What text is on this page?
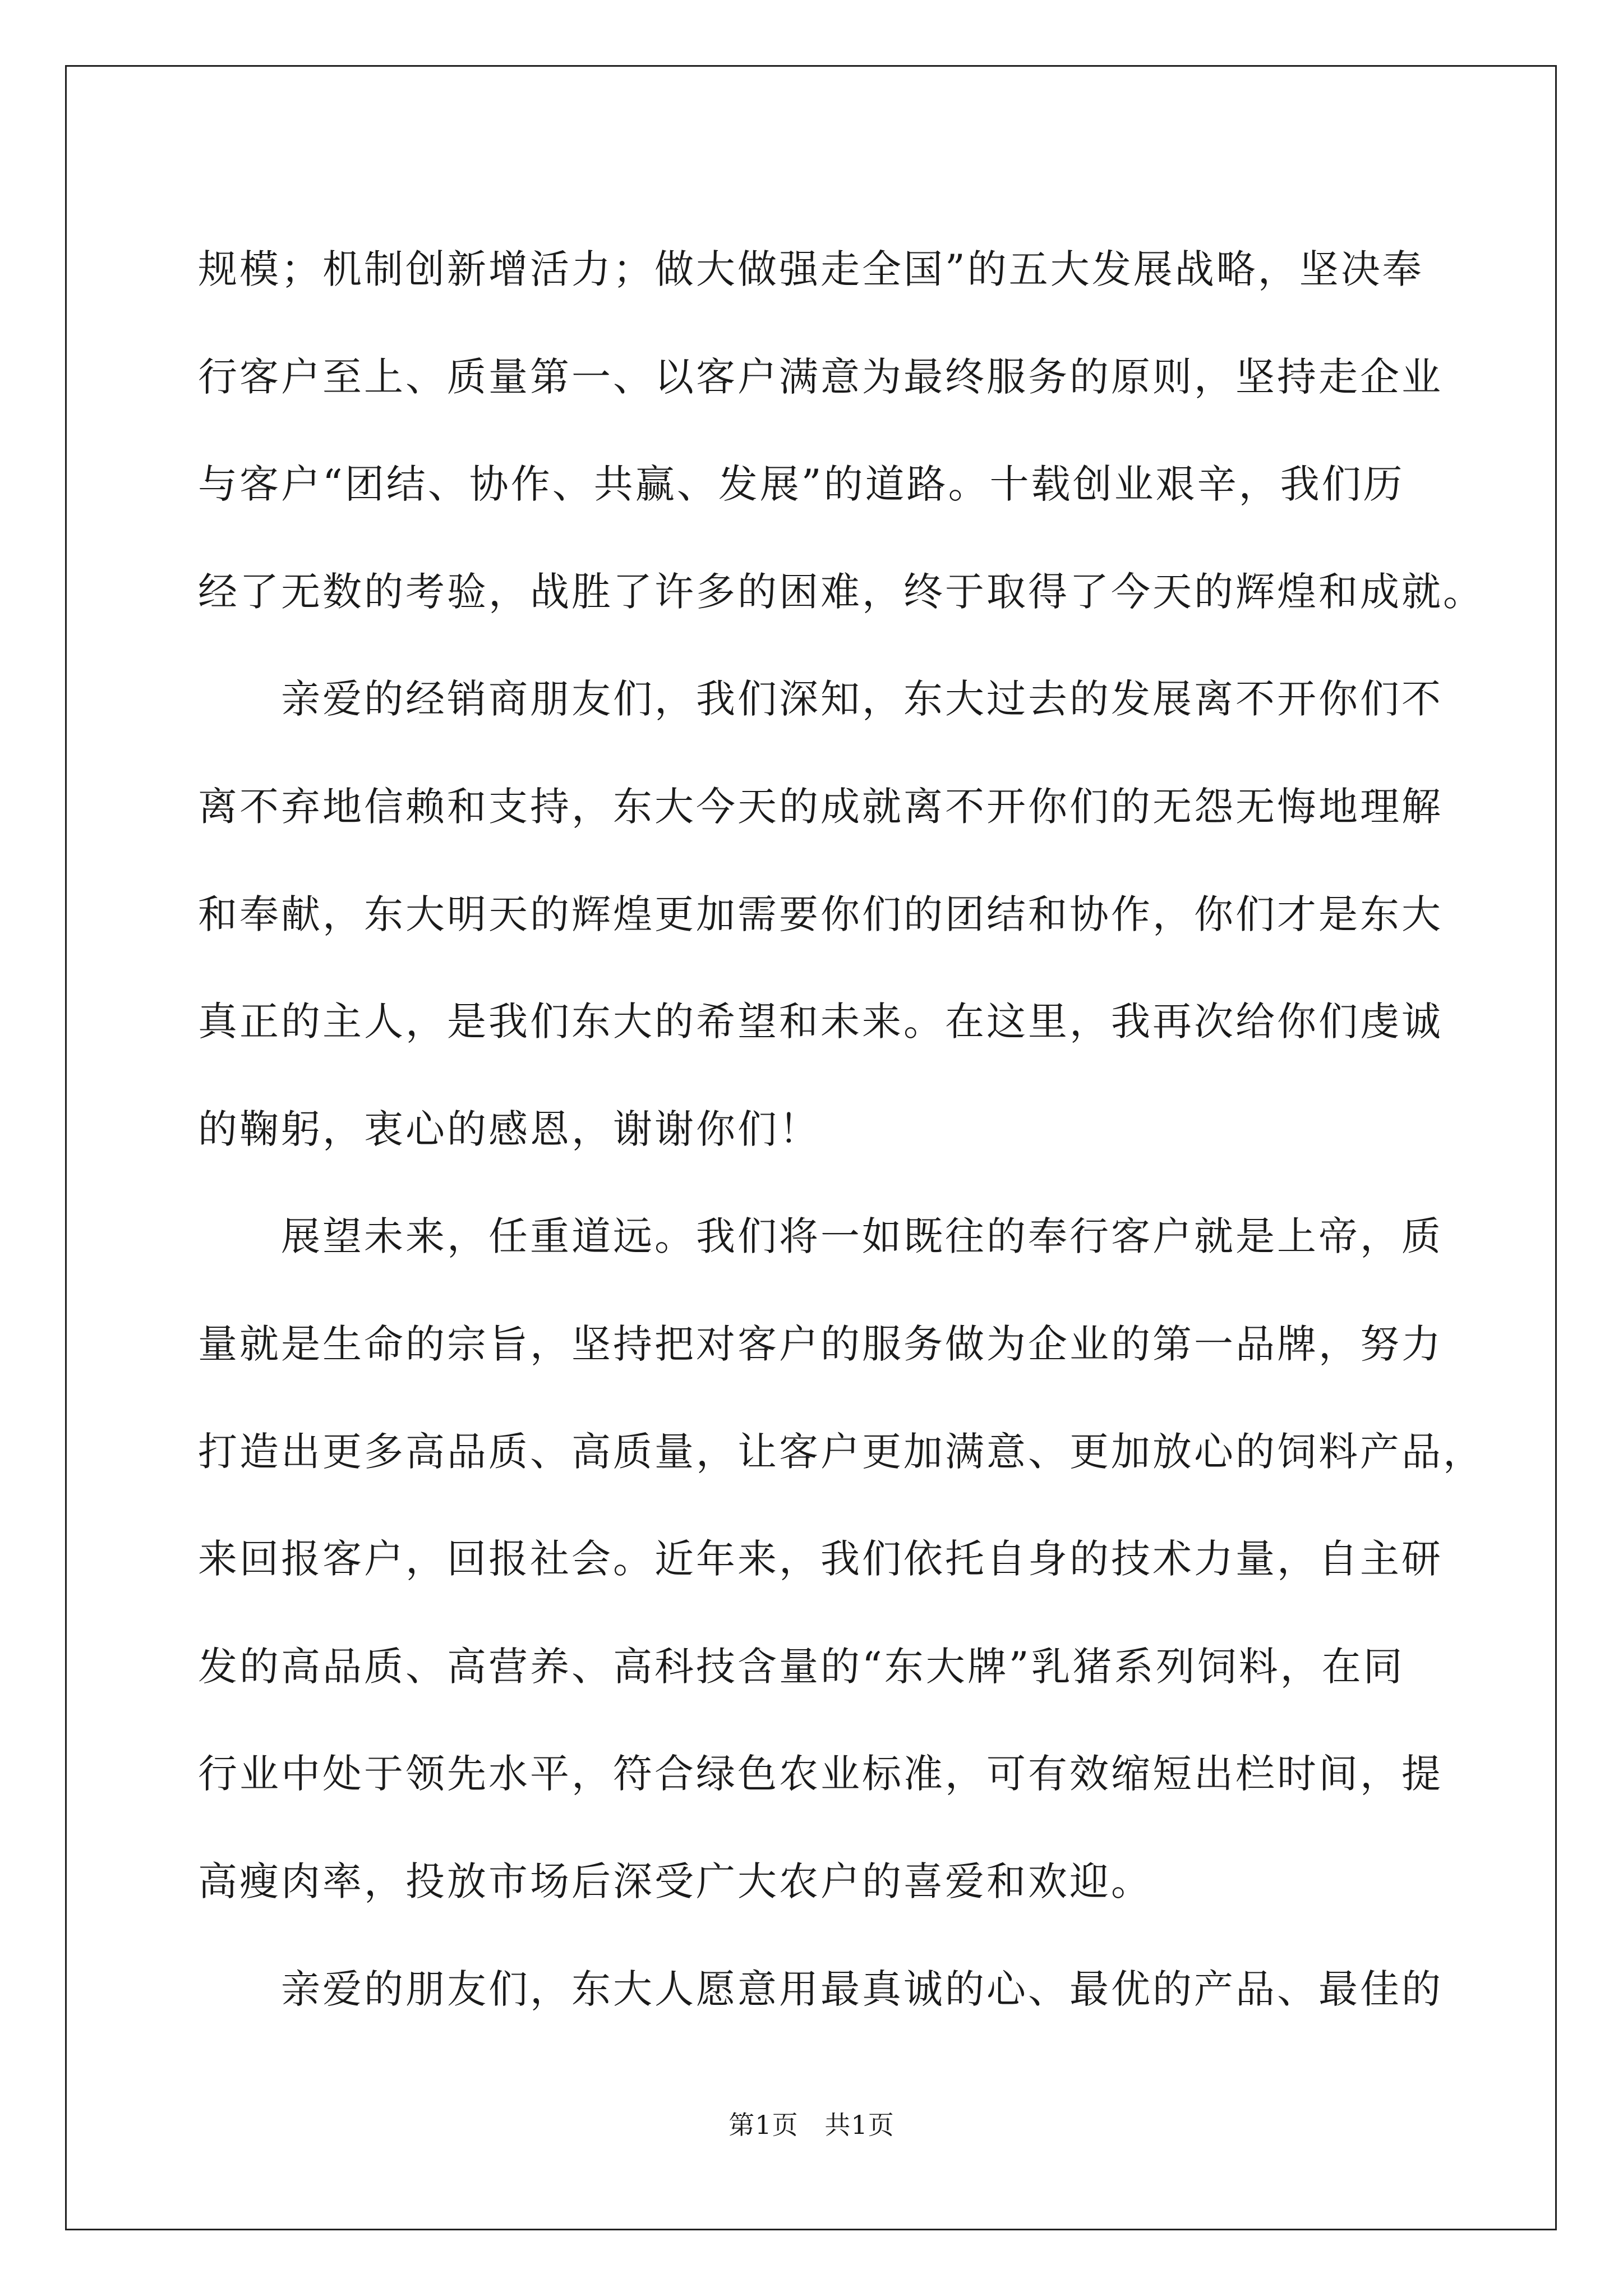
规模；机制创新增活力；做大做强走全国”的五大发展战略，坚决奉
行客户至上、质量第一、以客户满意为最终服务的原则，坚持走企业
与客户“团结、协作、共赢、发展”的道路。十载创业艰辛，我们历
经了无数的考验，战胜了许多的困难，终于取得了今天的辉煌和成就。
亲爱的经销商朋友们，我们深知，东大过去的发展离不开你们不
离不弃地信赖和支持，东大今天的成就离不开你们的无怨无悔地理解
和奉献，东大明天的辉煌更加需要你们的团结和协作，你们才是东大
真正的主人，是我们东大的希望和未来。在这里，我再次给你们虔诚
的鞠躬，衷心的感恩，谢谢你们！
展望未来，任重道远。我们将一如既往的奉行客户就是上帝，质
量就是生命的宗旨，坚持把对客户的服务做为企业的第一品牌，努力
打造出更多高品质、高质量，让客户更加满意、更加放心的饲料产品，
来回报客户，回报社会。近年来，我们依托自身的技术力量，自主研
发的高品质、高营养、高科技含量的“东大牌”乳猪系列饲料，在同
行业中处于领先水平，符合绿色农业标准，可有效缩短出栏时间，提
高瘦肉率，投放市场后深受广大农户的喜爱和欢迎。
亲爱的朋友们，东大人愿意用最真诚的心、最优的产品、最佳的
第1页   共1页
